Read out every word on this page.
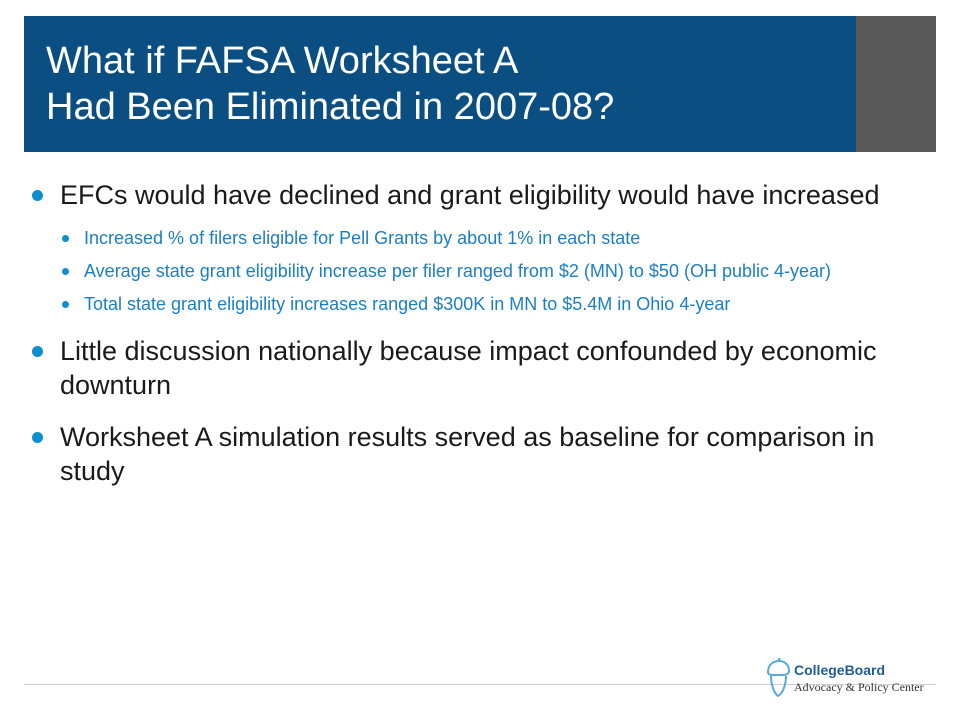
What if FAFSA Worksheet A
Had Been Eliminated in 2007-08?
EFCs would have declined and grant eligibility would have increased
Increased % of filers eligible for Pell Grants by about 1% in each state
Average state grant eligibility increase per filer ranged from $2 (MN) to $50 (OH public 4-year)
Total state grant eligibility increases ranged $300K in MN to $5.4M in Ohio 4-year
Little discussion nationally because impact confounded by economic downturn
Worksheet A simulation results served as baseline for comparison in study
CollegeBoard
Advocacy & Policy Center
